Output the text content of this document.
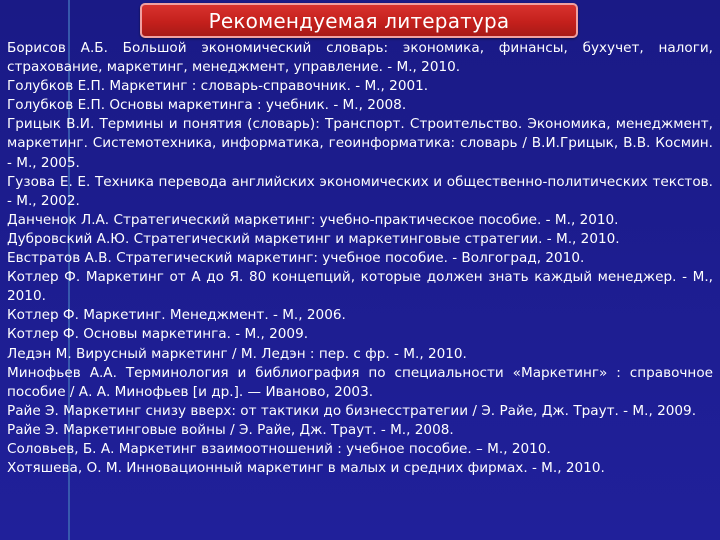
Рекомендуемая литература
Борисов А.Б. Большой экономический словарь: экономика, финансы, бухучет, налоги, страхование, маркетинг, менеджмент, управление. - М., 2010.
Голубков Е.П. Маркетинг : словарь-справочник. - М., 2001.
Голубков Е.П. Основы маркетинга : учебник. - М., 2008.
Грицык В.И. Термины и понятия (словарь): Транспорт. Строительство. Экономика, менеджмент, маркетинг. Системотехника, информатика, геоинформатика: словарь / В.И.Грицык, В.В. Космин. - М., 2005.
Гузова Е. Е. Техника перевода английских экономических и общественно-политических текстов. - М., 2002.
Данченок Л.А. Стратегический маркетинг: учебно-практическое пособие. - М., 2010.
Дубровский А.Ю. Стратегический маркетинг и маркетинговые стратегии. - М., 2010.
Евстратов А.В. Стратегический маркетинг: учебное пособие. - Волгоград, 2010.
Котлер Ф. Маркетинг от А до Я. 80 концепций, которые должен знать каждый менеджер. - М., 2010.
Котлер Ф. Маркетинг. Менеджмент. - М., 2006.
Котлер Ф. Основы маркетинга. - М., 2009.
Ледэн М. Вирусный маркетинг / М. Ледэн : пер. с фр. - М., 2010.
Минофьев А.А. Терминология и библиография по специальности «Маркетинг» : справочное пособие / А. А. Минофьев [и др.]. — Иваново, 2003.
Райе Э. Маркетинг снизу вверх: от тактики до бизнесстратегии / Э. Райе, Дж. Траут. - М., 2009.
Райе Э. Маркетинговые войны / Э. Райе, Дж. Траут. - М., 2008.
Соловьев, Б. А. Маркетинг взаимоотношений : учебное пособие. – М., 2010.
Хотяшева, О. М. Инновационный маркетинг в малых и средних фирмах. - М., 2010.
